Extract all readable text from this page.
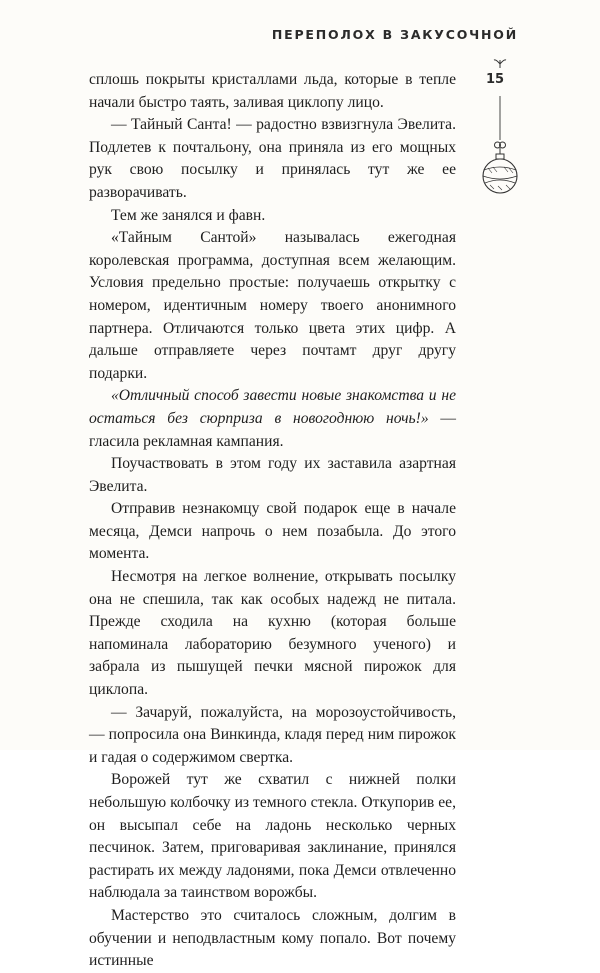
ПЕРЕПОЛОХ В ЗАКУСОЧНОЙ
15

сплошь покрыты кристаллами льда, которые в тепле начали быстро таять, заливая циклопу лицо.

— Тайный Санта! — радостно взвизгнула Эвелита. Подлетев к почтальону, она приняла из его мощных рук свою посылку и принялась тут же ее разворачивать.

Тем же занялся и фавн.

«Тайным Сантой» называлась ежегодная королевская программа, доступная всем желающим. Условия предельно простые: получаешь открытку с номером, идентичным номеру твоего анонимного партнера. Отличаются только цвета этих цифр. А дальше отправляете через почтамт друг другу подарки.

«Отличный способ завести новые знакомства и не остаться без сюрприза в новогоднюю ночь!» — гласила рекламная кампания.

Поучаствовать в этом году их заставила азартная Эвелита.

Отправив незнакомцу свой подарок еще в начале месяца, Демси напрочь о нем позабыла. До этого момента.

Несмотря на легкое волнение, открывать посылку она не спешила, так как особых надежд не питала. Прежде сходила на кухню (которая больше напоминала лабораторию безумного ученого) и забрала из пышущей печки мясной пирожок для циклопа.

— Зачаруй, пожалуйста, на морозоустойчивость, — попросила она Винкинда, кладя перед ним пирожок и гадая о содержимом свертка.

Ворожей тут же схватил с нижней полки небольшую колбочку из темного стекла. Откупорив ее, он высыпал себе на ладонь несколько черных песчинок. Затем, приговаривая заклинание, принялся растирать их между ладонями, пока Демси отвлеченно наблюдала за таинством ворожбы.

Мастерство это считалось сложным, долгим в обучении и неподвластным кому попало. Вот почему истинные
